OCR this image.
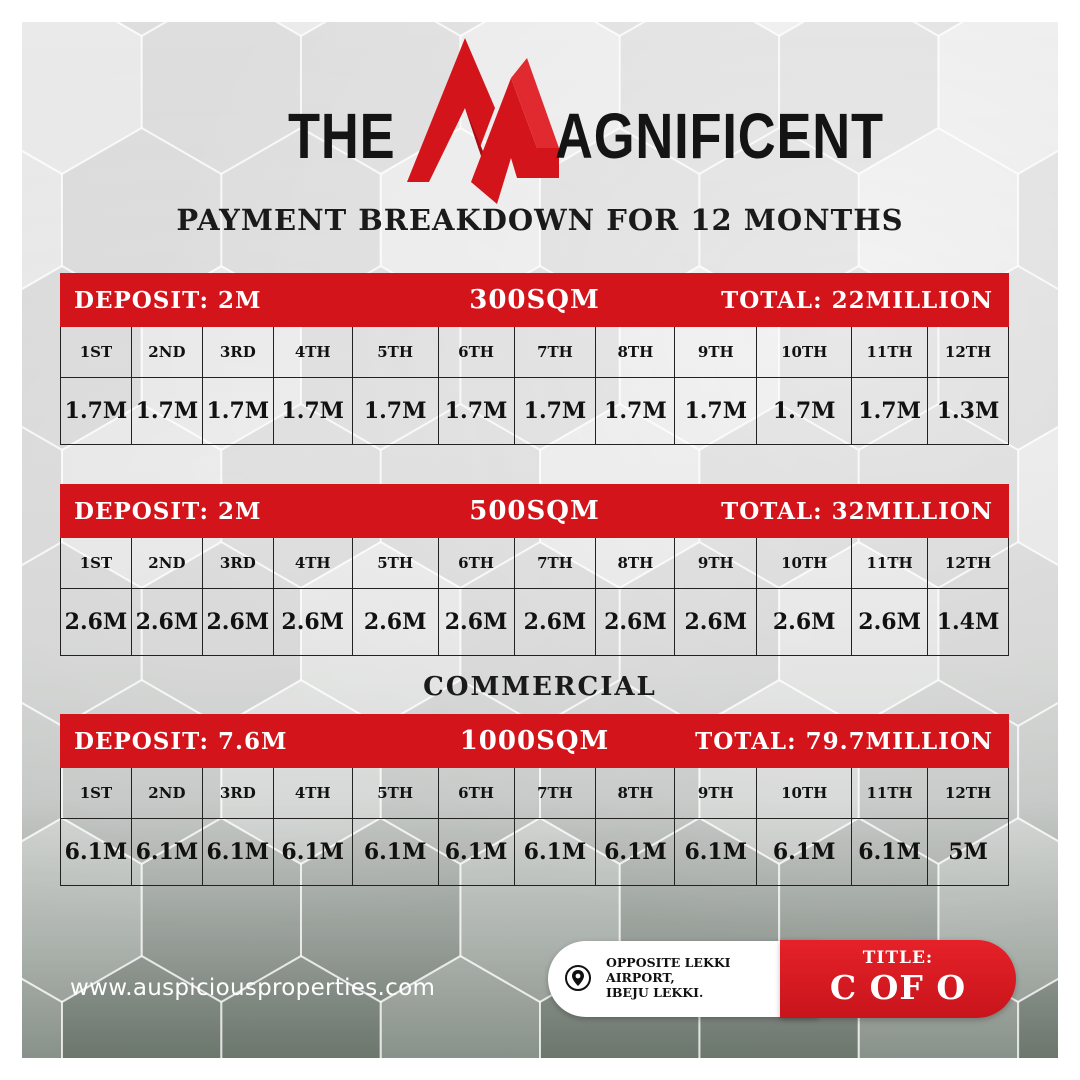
THE AGNIFICENT
PAYMENT BREAKDOWN FOR 12 MONTHS
DEPOSIT: 2M	300SQM	TOTAL: 22MILLION
1ST	2ND	3RD	4TH	5TH	6TH	7TH	8TH	9TH	10TH	11TH	12TH
1.7M 1.7M 1.7M 1.7M 1.7M 1.7M 1.7M 1.7M 1.7M	1.7M	1.7M 1.3M
DEPOSIT: 2M	500SQM	TOTAL: 32MILLION
1ST	2ND	3RD	4TH	5TH	6TH	7TH	8TH	9TH	10TH	11TH	12TH
2.6M 2.6M 2.6M 2.6M 2.6M 2.6M 2.6M 2.6M 2.6M	2.6M	2.6M 1.4M
COMMERCIAL
DEPOSIT: 7.6M	1000SQM	TOTAL: 79.7MILLION
1ST	2ND	3RD	4TH	5TH	6TH	7TH	8TH	9TH	10TH	11TH	12TH
6.1M 6.1M 6.1M 6.1M 6.1M 6.1M 6.1M 6.1M 6.1M	6.1M	6.1M	5M
www.auspiciousproperties.com
OPPOSITE LEKKI
AIRPORT,
IBEJU LEKKI.
TITLE:
C OF O
